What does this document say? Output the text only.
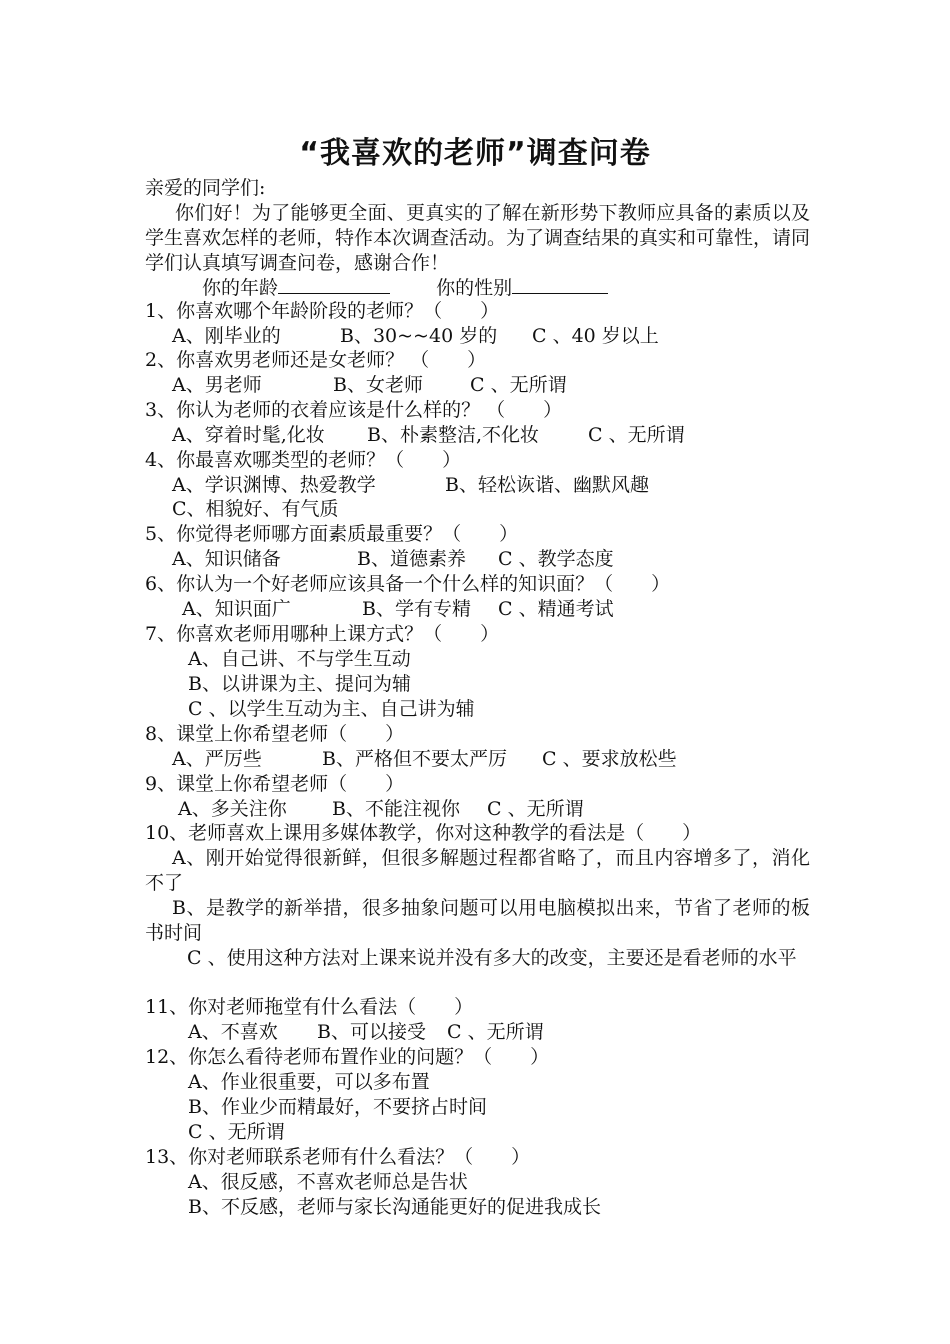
“我喜欢的老师”调查问卷
亲爱的同学们:
你们好！为了能够更全面、更真实的了解在新形势下教师应具备的素质以及学生喜欢怎样的老师，特作本次调查活动。为了调查结果的真实和可靠性，请同学们认真填写调查问卷，感谢合作！
你的年龄	你的性别
1、你喜欢哪个年龄阶段的老师？（　　）
A、刚毕业的	B、30~~40 岁的 C 、40 岁以上
2、你喜欢男老师还是女老师？ （　　）
A、男老师	B、女老师 C 、无所谓
3、你认为老师的衣着应该是什么样的？ （　　）
A、穿着时髦,化妆 B、朴素整洁,不化妆	C 、无所谓
4、你最喜欢哪类型的老师？（　　）
A、学识渊博、热爱教学	B、轻松诙谐、幽默风趣
C、相貌好、有气质
5、你觉得老师哪方面素质最重要？（　　）
A、知识储备	B、道德素养 C 、教学态度
6、你认为一个好老师应该具备一个什么样的知识面？（　　）
A、知识面广	B、学有专精 C 、精通考试
7、你喜欢老师用哪种上课方式？（　　）
A、自己讲、不与学生互动
B、以讲课为主、提问为辅
C 、以学生互动为主、自己讲为辅
8、课堂上你希望老师（　　）
A、严厉些	B、严格但不要太严厉 C 、要求放松些
9、课堂上你希望老师（　　）
A、多关注你 B、不能注视你 C 、无所谓
10、老师喜欢上课用多媒体教学，你对这种教学的看法是（　　）
A、刚开始觉得很新鲜，但很多解题过程都省略了，而且内容增多了，消化不了
B、是教学的新举措，很多抽象问题可以用电脑模拟出来，节省了老师的板书时间
C 、使用这种方法对上课来说并没有多大的改变，主要还是看老师的水平
11、你对老师拖堂有什么看法（　　）
A、不喜欢 B、可以接受 C 、无所谓
12、你怎么看待老师布置作业的问题？（　　）
A、作业很重要，可以多布置
B、作业少而精最好，不要挤占时间
C 、无所谓
13、你对老师联系老师有什么看法？（　　）
A、很反感，不喜欢老师总是告状
B、不反感，老师与家长沟通能更好的促进我成长
